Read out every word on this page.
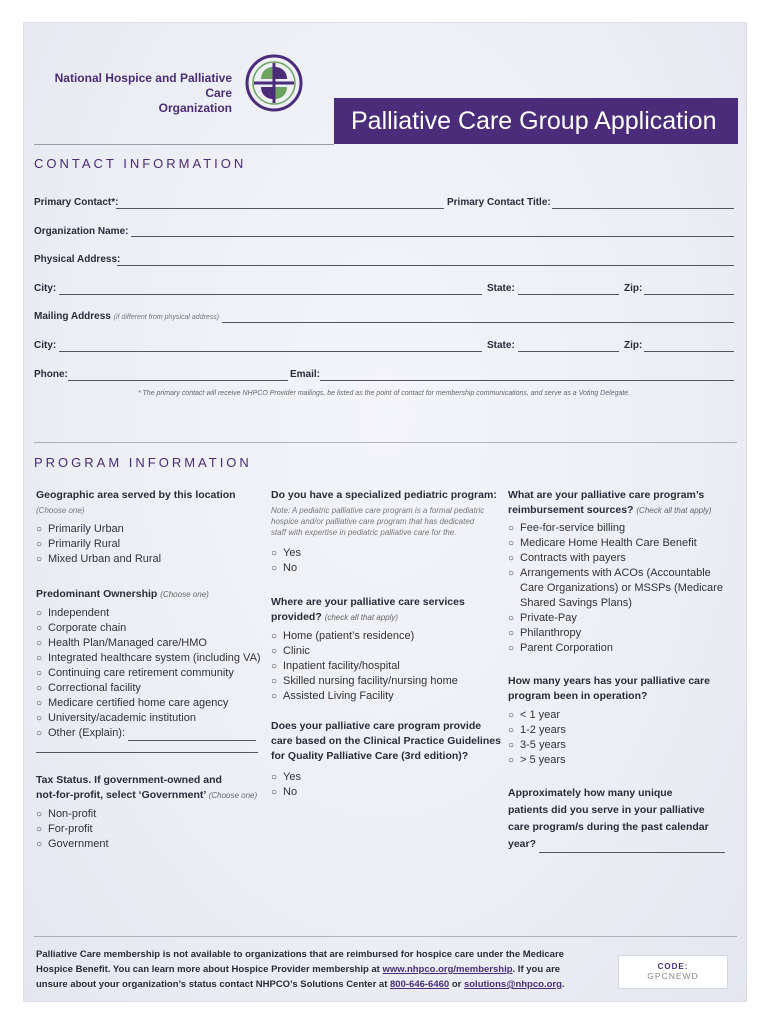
National Hospice and Palliative Care
Organization	Palliative Care Group Application
CONTACT INFORMATION
Primary Contact*:	Primary Contact Title:
Organization Name:
Physical Address:
City:	State:	Zip:
Mailing Address (if different from physical address)
City:	State:	Zip:
Phone:	Email:
* The primary contact will receive NHPCO Provider mailings, be listed as the point of contact for membership communications, and serve as a Voting Delegate.
PROGRAM INFORMATION
Geographic area served by this location
(Choose one)
○ Primarily Urban
○ Primarily Rural
○ Mixed Urban and Rural
Predominant Ownership (Choose one)
○ Independent
○ Corporate chain
○ Health Plan/Managed care/HMO
○ Integrated healthcare system (including VA)
○ Continuing care retirement community
○ Correctional facility
○ Medicare certified home care agency
○ University/academic institution
○ Other (Explain):
Tax Status. If government-owned and
not-for-profit, select ‘Government’ (Choose one)
○ Non-profit
○ For-profit
○ Government
Do you have a specialized pediatric program:
Note: A pediatric palliative care program is a formal pediatric
hospice and/or palliative care program that has dedicated
staff with expertise in pediatric palliative care for the.
○ Yes
○ No
Where are your palliative care services
provided? (check all that apply)
○ Home (patient’s residence)
○ Clinic
○ Inpatient facility/hospital
○ Skilled nursing facility/nursing home
○ Assisted Living Facility
Does your palliative care program provide
care based on the Clinical Practice Guidelines
for Quality Palliative Care (3rd edition)?
○ Yes
○ No
What are your palliative care program’s
reimbursement sources? (Check all that apply)
○ Fee-for-service billing
○ Medicare Home Health Care Benefit
○ Contracts with payers
○ Arrangements with ACOs (Accountable
Care Organizations) or MSSPs (Medicare
Shared Savings Plans)
○ Private-Pay
○ Philanthropy
○ Parent Corporation
How many years has your palliative care
program been in operation?
○ < 1 year
○ 1-2 years
○ 3-5 years
○ > 5 years
Approximately how many unique
patients did you serve in your palliative
care program/s during the past calendar
year?
Palliative Care membership is not available to organizations that are reimbursed for hospice care under the Medicare
Hospice Benefit. You can learn more about Hospice Provider membership at www.nhpco.org/membership. If you are
unsure about your organization’s status contact NHPCO’s Solutions Center at 800-646-6460 or solutions@nhpco.org.
CODE:
GPCNEWD
